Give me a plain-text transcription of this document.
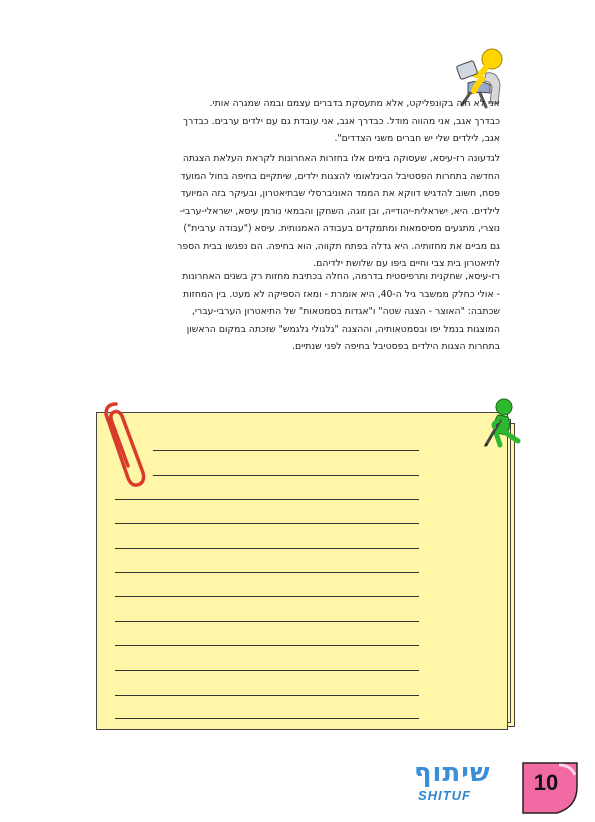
אני לא חיה בקונפליקט, אלא מתעסקת בדברים עצמם ובמה שמגרה אותי.
כבדרך אגב, אני מהווה מודל. כבדרך אגב, אני עובדת גם עם ילדים ערבים. כבדרך
אגב, לילדים שלי יש חברים משני הצדדים".
לגדעונה רז-עיסא, שעסוקה בימים אלו בחזרות האחרונות לקראת העלאת הצגתה
החדשה בתחרות הפסטיבל הבינלאומי להצגות ילדים, שיתקיים בחיפה בחול המועד
פסח, חשוב להדגיש דווקא את הממד האוניברסלי שבתיאטרון, ובעיקר בזה המיועד
לילדים. היא, ישראלית-יהודייה, ובן זוגה, השחקן והבמאי נורמן עיסא, ישראלי-ערבי-
נוצרי, מתגעים מסיסמאות ומתמקדים בעבודה האמנותית. עיסא ("עבודה ערבית")
גם מביים את מחזותיה. היא גדלה בפתח תקווה, הוא בחיפה. הם נפגשו בבית הספר
לתיאטרון בית צבי וחיים ביפו עם שלושת ילדיהם.
רז-עיסא, שחקנית ותרפיסטית בדרמה, החלה בכתיבת מחזות רק בשנים האחרונות
- אולי כחלק ממשבר גיל ה-40, היא אומרת - ומאז הספיקה לא מעט. בין המחזות
שכתבה: "האוצר - הצגה שטה" ו"אגדות בסמטאות" של התיאטרון הערבי-עברי,
המוצגות בנמל יפו ובסמטאותיה, וההצגה "גלגולי גלגמש" שזכתה במקום הראשון
בתחרות הצגות הילדים בפסטיבל בחיפה לפני שנתיים.
שיתוף
SHITUF
10
